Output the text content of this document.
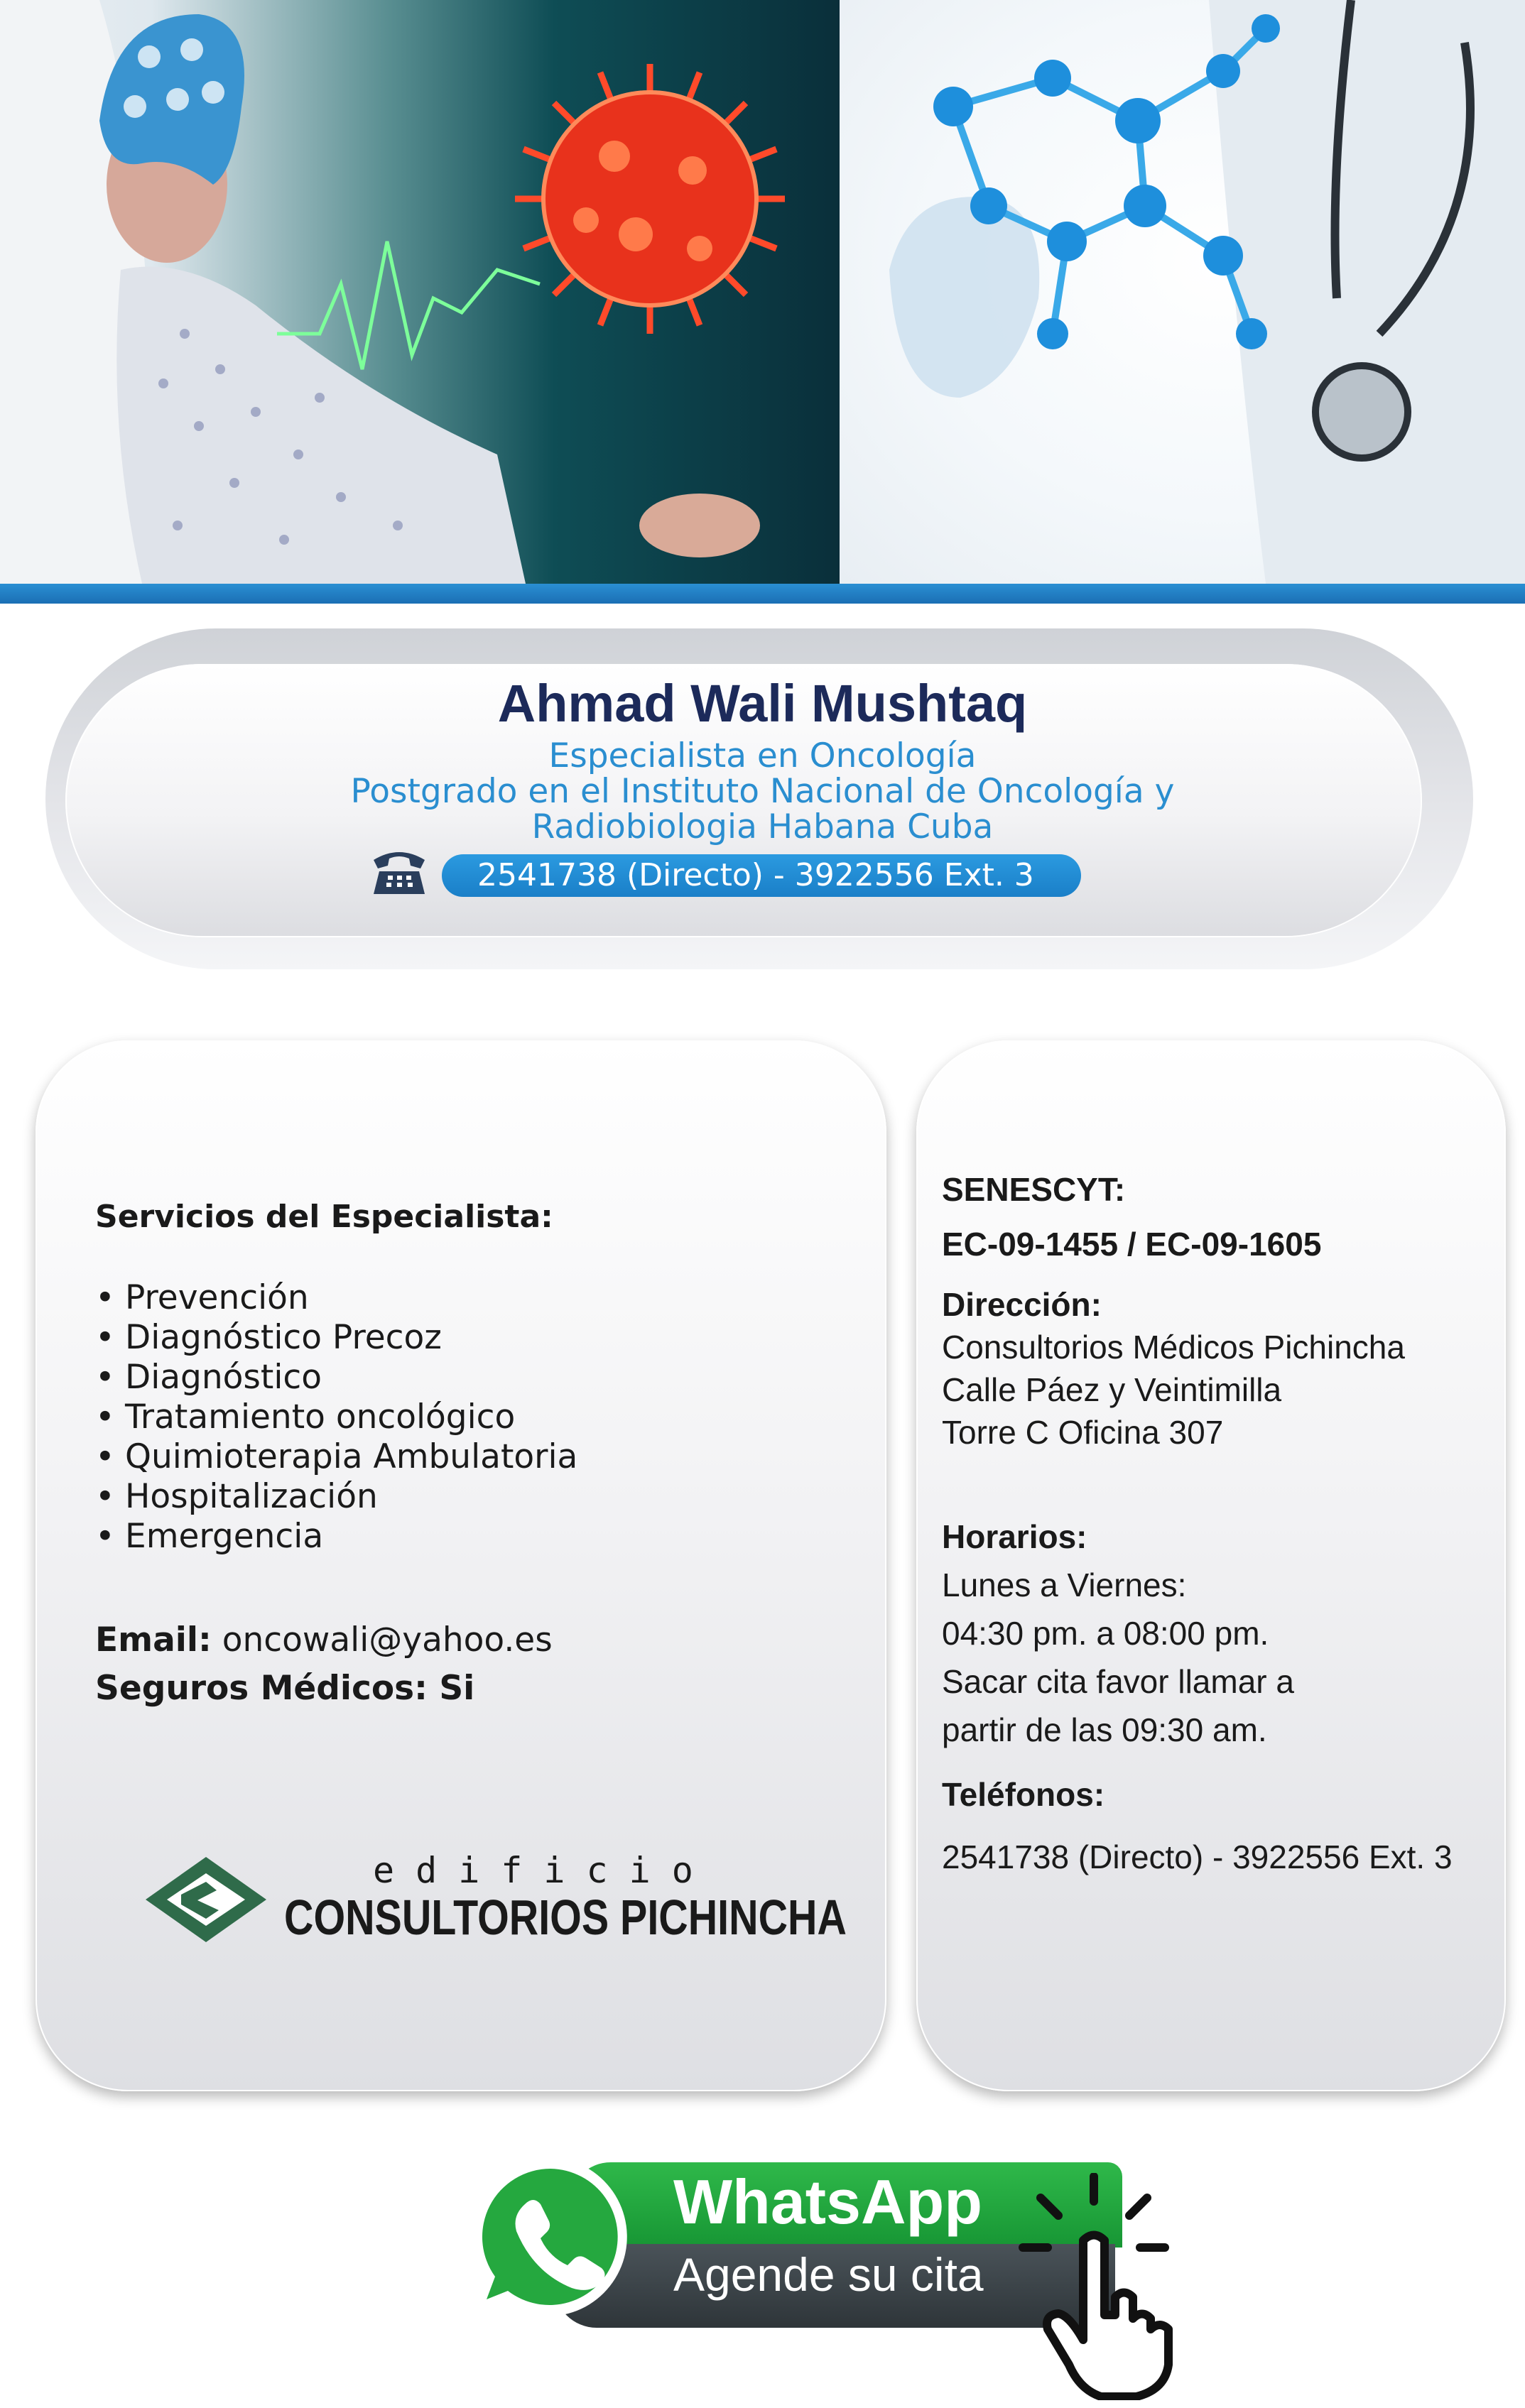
Ahmad Wali Mushtaq
Especialista en Oncología
Postgrado en el Instituto Nacional de Oncología y
Radiobiologia Habana Cuba
2541738 (Directo) - 3922556 Ext. 3
Servicios del Especialista:
• Prevención
• Diagnóstico Precoz
• Diagnóstico
• Tratamiento oncológico
• Quimioterapia Ambulatoria
• Hospitalización
• Emergencia
Email: oncowali@yahoo.es
Seguros Médicos: Si
edificio
CONSULTORIOS PICHINCHA
SENESCYT:
EC-09-1455 / EC-09-1605
Dirección:
Consultorios Médicos Pichincha
Calle Páez y Veintimilla
Torre C Oficina 307
Horarios:
Lunes a Viernes:
04:30 pm. a 08:00 pm.
Sacar cita favor llamar a
partir de las 09:30 am.
Teléfonos:
2541738 (Directo) - 3922556 Ext. 3
WhatsApp
Agende su cita
